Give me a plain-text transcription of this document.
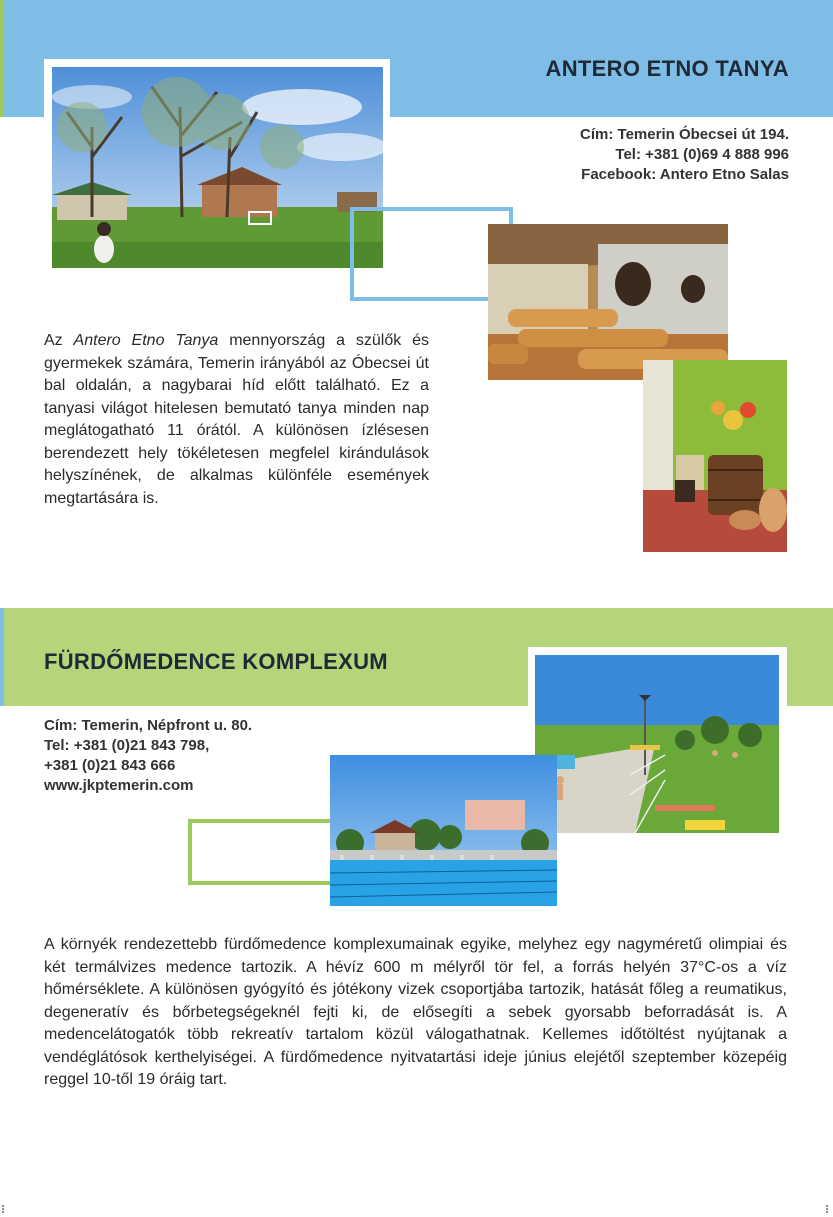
ANTERO ETNO TANYA
Cím: Temerin Óbecsei út 194.
Tel: +381 (0)69 4 888 996
Facebook: Antero Etno Salas
Az Antero Etno Tanya mennyország a szülők és gyermekek számára, Temerin irányából az Óbecsei út bal oldalán, a nagybarai híd előtt található. Ez a tanyasi világot hitelesen bemutató tanya minden nap meglátogatható 11 órától. A különösen ízlésesen berendezett hely tökéletesen megfelel kirándulások helyszínének, de alkalmas különféle események megtartására is.
FÜRDŐMEDENCE KOMPLEXUM
Cím: Temerin, Népfront u. 80.
Tel: +381 (0)21 843 798,
+381 (0)21 843 666
www.jkptemerin.com
A környék rendezettebb fürdőmedence komplexumainak egyike, melyhez egy nagyméretű olimpiai és két termálvizes medence tartozik. A hévíz 600 m mélyről tör fel, a forrás helyén 37°C-os a víz hőmérséklete. A különösen gyógyító és jótékony vizek csoportjába tartozik, hatását főleg a reumatikus, degeneratív és bőrbetegségeknél fejti ki, de elősegíti a sebek gyorsabb beforradását is. A medencelátogatók több rekreatív tartalom közül válogathatnak. Kellemes időtöltést nyújtanak a vendéglátósok kerthelyiségei. A fürdőmedence nyitvatartási ideje június elejétől szeptember közepéig reggel 10-től 19 óráig tart.
